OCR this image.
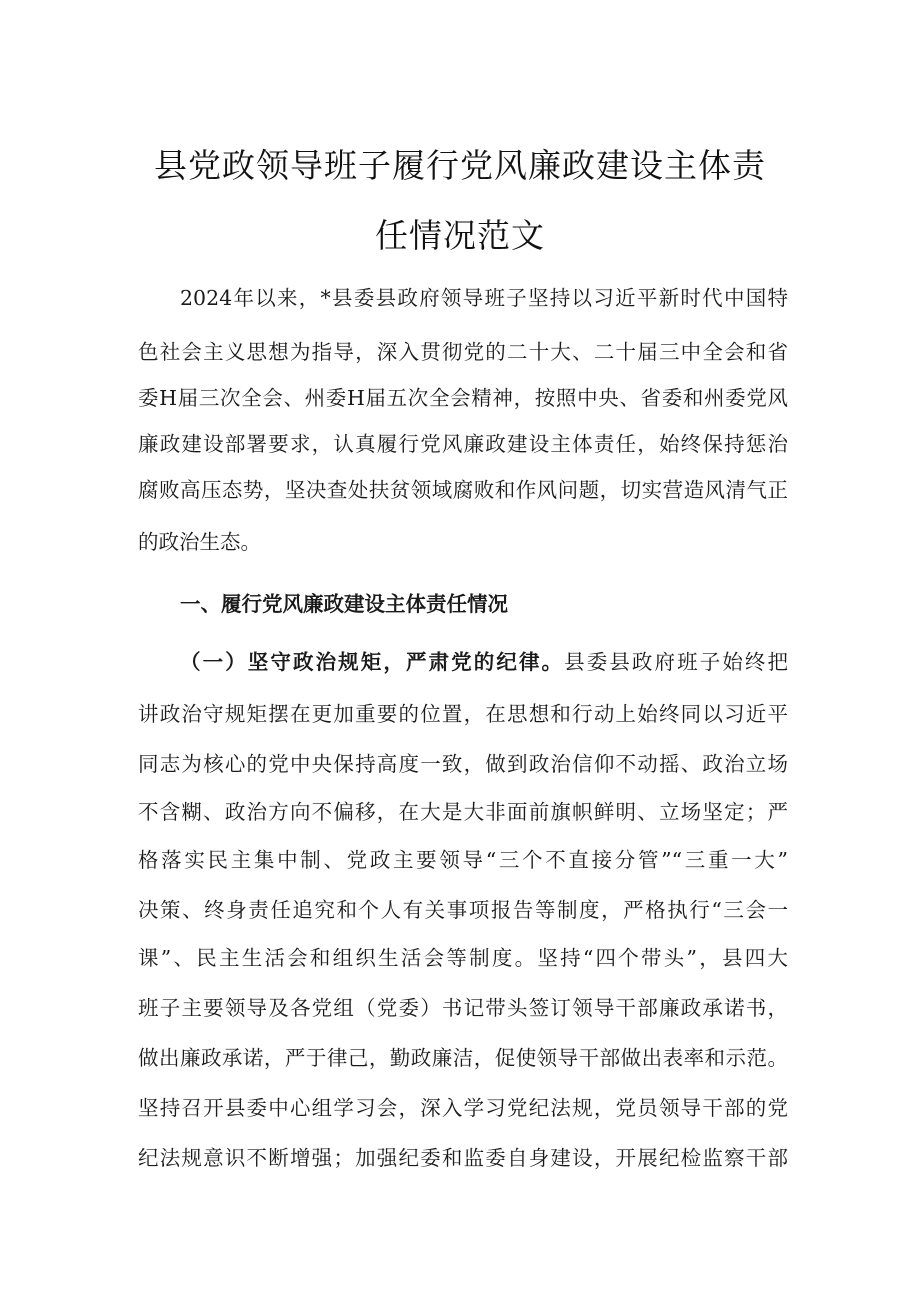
县党政领导班子履行党风廉政建设主体责
任情况范文
2024年以来，*县委县政府领导班子坚持以习近平新时代中国特
色社会主义思想为指导，深入贯彻党的二十大、二十届三中全会和省
委H届三次全会、州委H届五次全会精神，按照中央、省委和州委党风
廉政建设部署要求，认真履行党风廉政建设主体责任，始终保持惩治
腐败高压态势，坚决查处扶贫领域腐败和作风问题，切实营造风清气正
的政治生态。
一、履行党风廉政建设主体责任情况
（一）坚守政治规矩，严肃党的纪律。县委县政府班子始终把
讲政治守规矩摆在更加重要的位置，在思想和行动上始终同以习近平
同志为核心的党中央保持高度一致，做到政治信仰不动摇、政治立场
不含糊、政治方向不偏移，在大是大非面前旗帜鲜明、立场坚定；严
格落实民主集中制、党政主要领导“三个不直接分管”“三重一大”
决策、终身责任追究和个人有关事项报告等制度，严格执行“三会一
课”、民主生活会和组织生活会等制度。坚持“四个带头”，县四大
班子主要领导及各党组（党委）书记带头签订领导干部廉政承诺书，
做出廉政承诺，严于律己，勤政廉洁，促使领导干部做出表率和示范。
坚持召开县委中心组学习会，深入学习党纪法规，党员领导干部的党
纪法规意识不断增强；加强纪委和监委自身建设，开展纪检监察干部
